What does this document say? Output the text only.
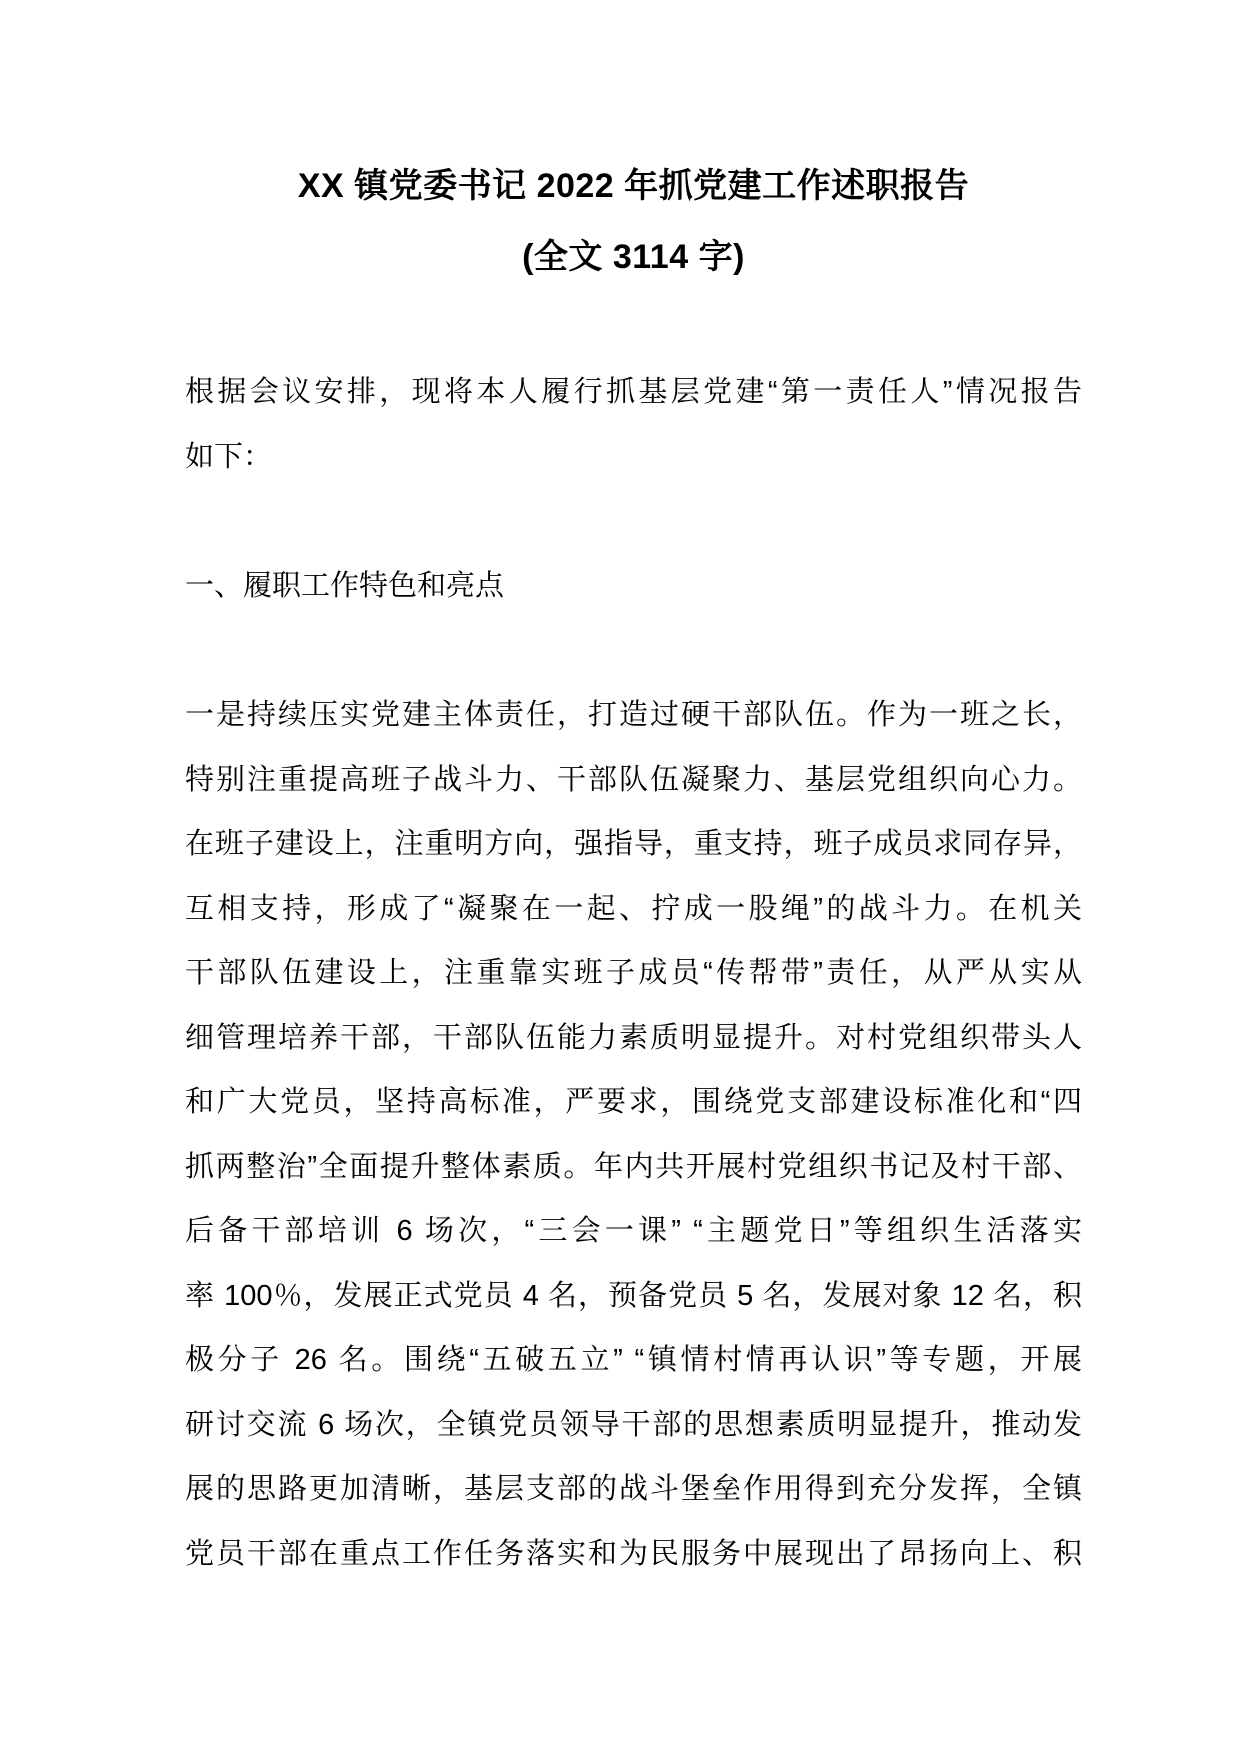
XX 镇党委书记 2022 年抓党建工作述职报告
(全文 3114 字)
根据会议安排，现将本人履行抓基层党建“第一责任人”情况报告
如下：
一、履职工作特色和亮点
一是持续压实党建主体责任，打造过硬干部队伍。作为一班之长，
特别注重提高班子战斗力、干部队伍凝聚力、基层党组织向心力。
在班子建设上，注重明方向，强指导，重支持，班子成员求同存异，
互相支持，形成了“凝聚在一起、拧成一股绳”的战斗力。在机关
干部队伍建设上，注重靠实班子成员“传帮带”责任，从严从实从
细管理培养干部，干部队伍能力素质明显提升。对村党组织带头人
和广大党员，坚持高标准，严要求，围绕党支部建设标准化和“四
抓两整治”全面提升整体素质。年内共开展村党组织书记及村干部、
后备干部培训 6 场次，“三会一课” “主题党日”等组织生活落实
率 100％，发展正式党员 4 名，预备党员 5 名，发展对象 12 名，积
极分子 26 名。围绕“五破五立” “镇情村情再认识”等专题，开展
研讨交流 6 场次，全镇党员领导干部的思想素质明显提升，推动发
展的思路更加清晰，基层支部的战斗堡垒作用得到充分发挥，全镇
党员干部在重点工作任务落实和为民服务中展现出了昂扬向上、积
